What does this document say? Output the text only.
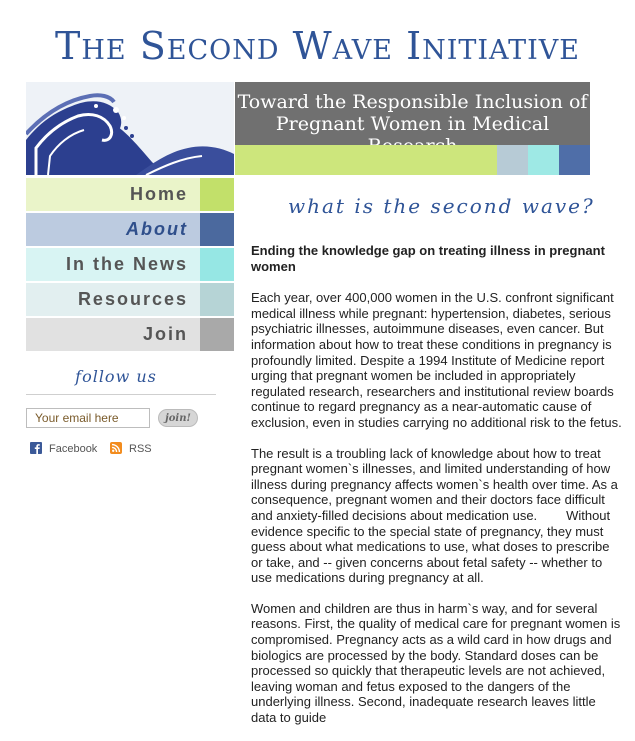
The Second Wave Initiative
Toward the Responsible Inclusion of
Pregnant Women in Medical
Home
About
In the News
Resources
Join
follow us
Your email here
join!
Facebook	RSS
what is the second wave?
Ending the knowledge gap on treating illness in pregnant women

Each year, over 400,000 women in the U.S. confront significant medical illness while pregnant: hypertension, diabetes, serious psychiatric illnesses, autoimmune diseases, even cancer. But information about how to treat these conditions in pregnancy is profoundly limited. Despite a 1994 Institute of Medicine report urging that pregnant women be included in appropriately regulated research, researchers and institutional review boards continue to regard pregnancy as a near-automatic cause of exclusion, even in studies carrying no additional risk to the fetus.

The result is a troubling lack of knowledge about how to treat pregnant women`s illnesses, and limited understanding of how illness during pregnancy affects women`s health over time. As a consequence, pregnant women and their doctors face difficult and anxiety-filled decisions about medication use.        Without evidence specific to the special state of pregnancy, they must guess about what medications to use, what doses to prescribe or take, and -- given concerns about fetal safety -- whether to use medications during pregnancy at all.

Women and children are thus in harm`s way, and for several reasons. First, the quality of medical care for pregnant women is compromised. Pregnancy acts as a wild card in how drugs and biologics are processed by the body. Standard doses can be processed so quickly that therapeutic levels are not achieved, leaving woman and fetus exposed to the dangers of the underlying illness. Second, inadequate research leaves little data to guide
